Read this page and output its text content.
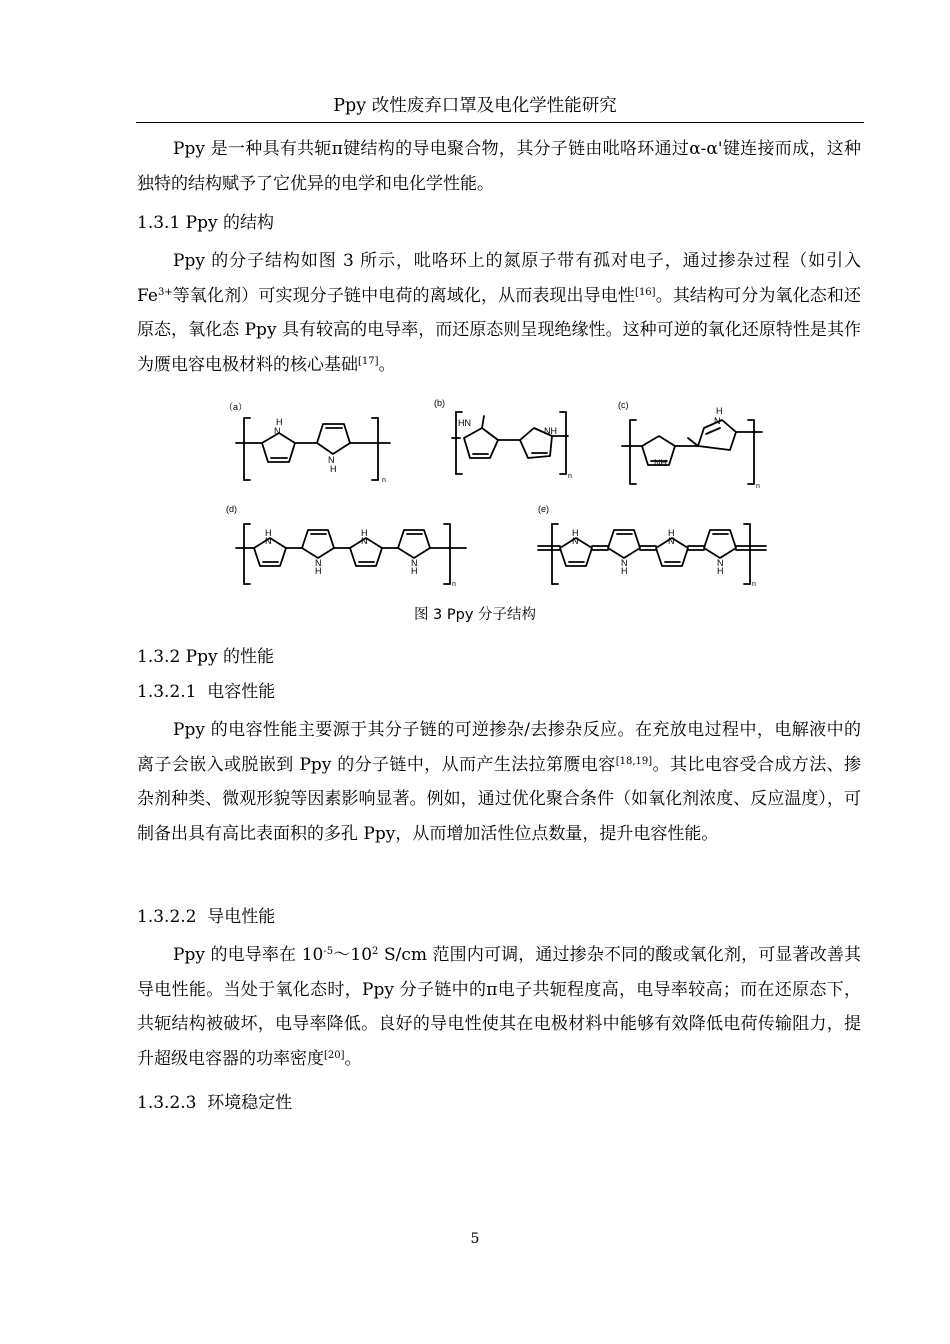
Ppy 改性废弃口罩及电化学性能研究
Ppy 是一种具有共轭π键结构的导电聚合物，其分子链由吡咯环通过α-α'键连接而成，这种独特的结构赋予了它优异的电学和电化学性能。
1.3.1 Ppy 的结构
Ppy 的分子结构如图 3 所示，吡咯环上的氮原子带有孤对电子，通过掺杂过程（如引入 $Fe^{3+}$等氧化剂）可实现分子链中电荷的离域化，从而表现出导电性[16]。其结构可分为氧化态和还原态，氧化态 Ppy 具有较高的电导率，而还原态则呈现绝缘性。这种可逆的氧化还原特性是其作为赝电容电极材料的核心基础[17]。
（a）	(b)	(c)
(d)	(e)
H
N
N
H
n
HN
NH
n
NH
H
N
n
H
N
N
H
H
N
N
H
n
H
N
N
H
H
N
N
H
n
图 3 Ppy 分子结构
1.3.2 Ppy 的性能
1.3.2.1 电容性能
Ppy 的电容性能主要源于其分子链的可逆掺杂/去掺杂反应。在充放电过程中，电解液中的离子会嵌入或脱嵌到 Ppy 的分子链中，从而产生法拉第赝电容[18,19]。其比电容受合成方法、掺杂剂种类、微观形貌等因素影响显著。例如，通过优化聚合条件（如氧化剂浓度、反应温度），可制备出具有高比表面积的多孔 Ppy，从而增加活性位点数量，提升电容性能。
1.3.2.2 导电性能
Ppy 的电导率在 $10^{-5}\sim 10^2$ S/cm 范围内可调，通过掺杂不同的酸或氧化剂，可显著改善其导电性能。当处于氧化态时，Ppy 分子链中的π电子共轭程度高，电导率较高；而在还原态下，共轭结构被破坏，电导率降低。良好的导电性使其在电极材料中能够有效降低电荷传输阻力，提升超级电容器的功率密度[20]。
1.3.2.3 环境稳定性
5
